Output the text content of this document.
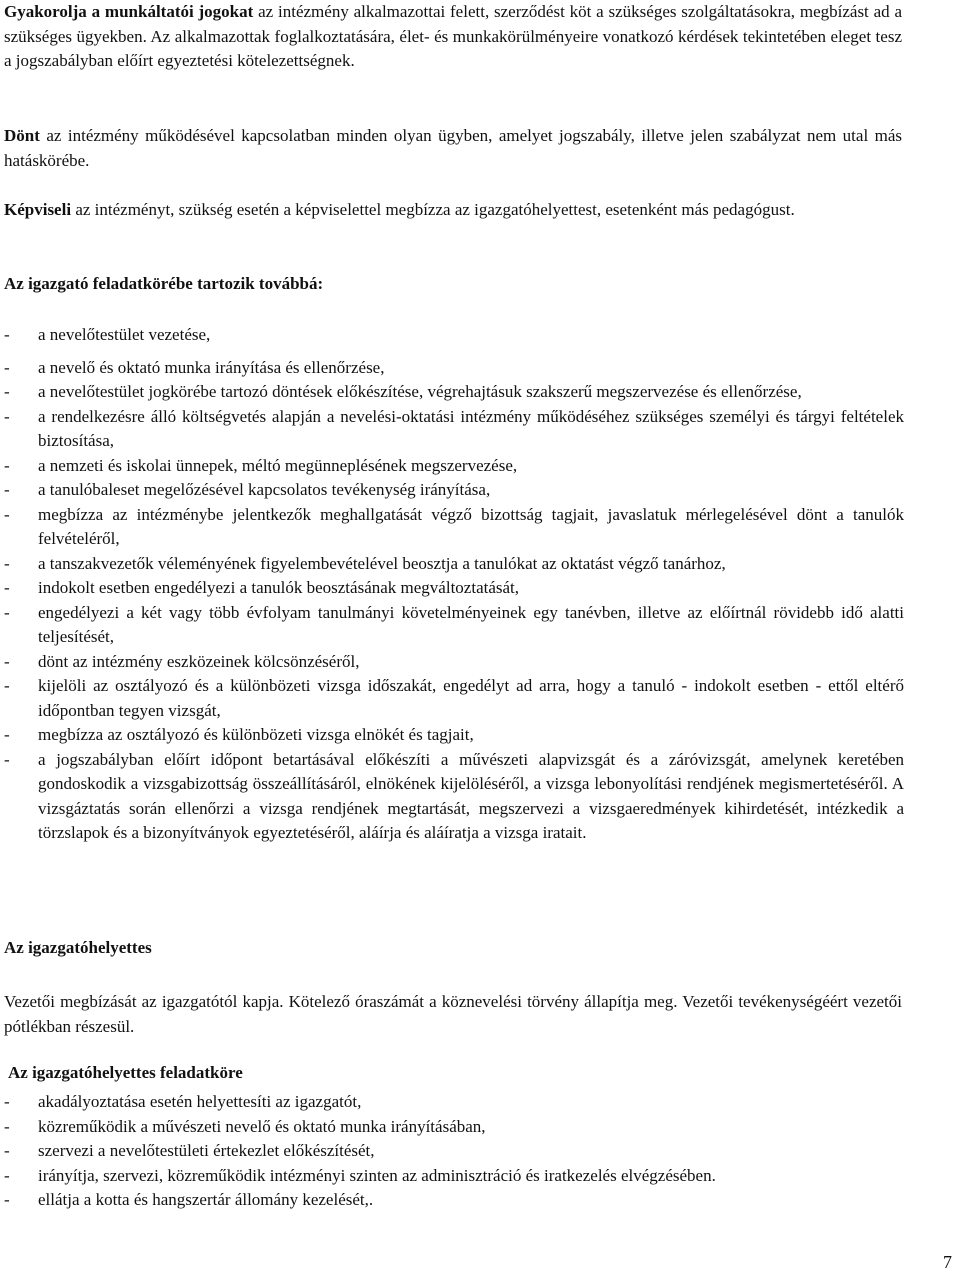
Gyakorolja a munkáltatói jogokat az intézmény alkalmazottai felett, szerződést köt a szükséges szolgáltatásokra, megbízást ad a szükséges ügyekben. Az alkalmazottak foglalkoztatására, élet- és munkakörülményeire vonatkozó kérdések tekintetében eleget tesz a jogszabályban előírt egyeztetési kötelezettségnek.

Dönt az intézmény működésével kapcsolatban minden olyan ügyben, amelyet jogszabály, illetve jelen szabályzat nem utal más hatáskörébe.

Képviseli az intézményt, szükség esetén a képviselettel megbízza az igazgatóhelyettest, esetenként más pedagógust.

Az igazgató feladatkörébe tartozik továbbá:

- a nevelőtestület vezetése,
- a nevelő és oktató munka irányítása és ellenőrzése,
- a nevelőtestület jogkörébe tartozó döntések előkészítése, végrehajtásuk szakszerű megszervezése és ellenőrzése,
- a rendelkezésre álló költségvetés alapján a nevelési-oktatási intézmény működéséhez szükséges személyi és tárgyi feltételek biztosítása,
- a nemzeti és iskolai ünnepek, méltó megünneplésének megszervezése,
- a tanulóbaleset megelőzésével kapcsolatos tevékenység irányítása,
- megbízza az intézménybe jelentkezők meghallgatását végző bizottság tagjait, javaslatuk mérlegelésével dönt a tanulók felvételéről,
- a tanszakvezetők véleményének figyelembevételével beosztja a tanulókat az oktatást végző tanárhoz,
- indokolt esetben engedélyezi a tanulók beosztásának megváltoztatását,
- engedélyezi a két vagy több évfolyam tanulmányi követelményeinek egy tanévben, illetve az előírtnál rövidebb idő alatti teljesítését,
- dönt az intézmény eszközeinek kölcsönzéséről,
- kijelöli az osztályozó és a különbözeti vizsga időszakát, engedélyt ad arra, hogy a tanuló - indokolt esetben - ettől eltérő időpontban tegyen vizsgát,
- megbízza az osztályozó és különbözeti vizsga elnökét és tagjait,
- a jogszabályban előírt időpont betartásával előkészíti a művészeti alapvizsgát és a záróvizsgát, amelynek keretében gondoskodik a vizsgabizottság összeállításáról, elnökének kijelöléséről, a vizsga lebonyolítási rendjének megismertetéséről. A vizsgáztatás során ellenőrzi a vizsga rendjének megtartását, megszervezi a vizsgaeredmények kihirdetését, intézkedik a törzslapok és a bizonyítványok egyeztetéséről, aláírja és aláíratja a vizsga iratait.

Az igazgatóhelyettes

Vezetői megbízását az igazgatótól kapja. Kötelező óraszámát a köznevelési törvény állapítja meg. Vezetői tevékenységéért vezetői pótlékban részesül.

Az igazgatóhelyettes feladatköre

- akadályoztatása esetén helyettesíti az igazgatót,
- közreműködik a művészeti nevelő és oktató munka irányításában,
- szervezi a nevelőtestületi értekezlet előkészítését,
- irányítja, szervezi, közreműködik intézményi szinten az adminisztráció és iratkezelés elvégzésében.
- ellátja a kotta és hangszertár állomány kezelését,.
7
